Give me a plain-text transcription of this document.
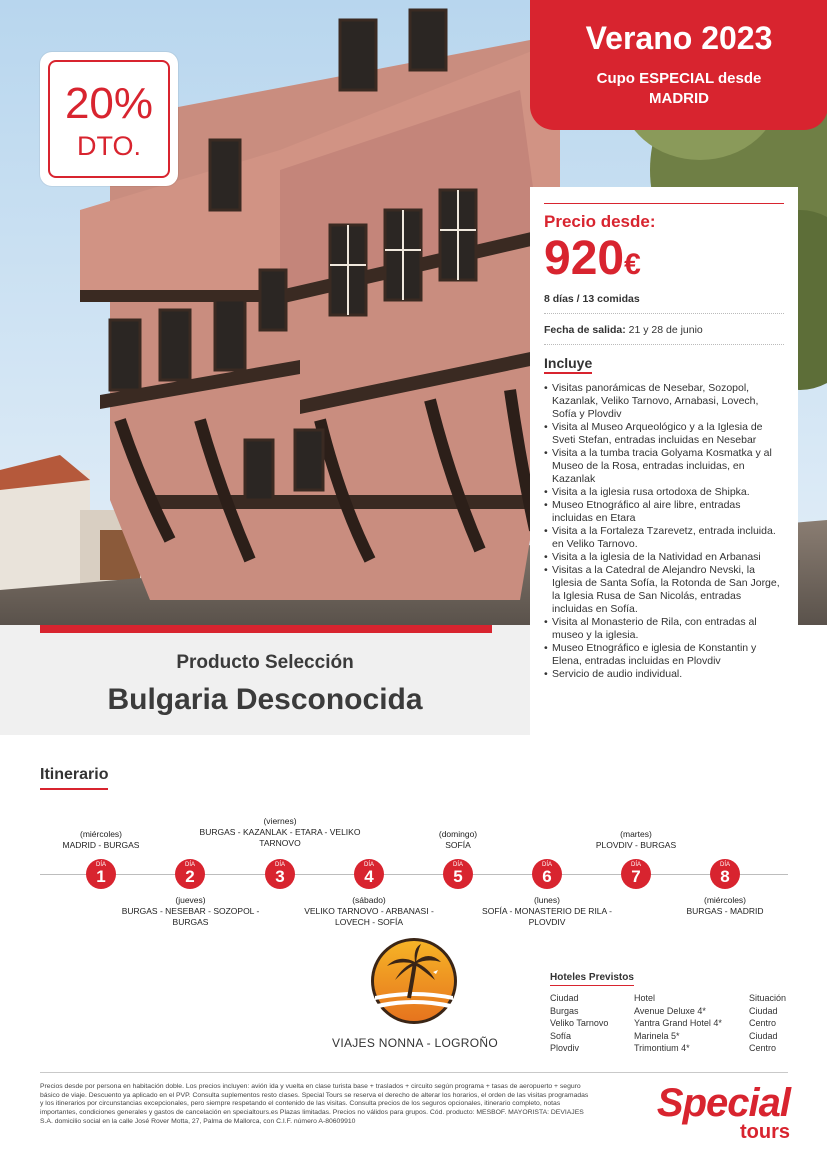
20%
DTO.
Verano 2023
Cupo ESPECIAL desde
MADRID
Precio desde:
920€
8 días / 13 comidas
Fecha de salida: 21 y 28 de junio
Incluye
• Visitas panorámicas de Nesebar, Sozopol, Kazanlak, Veliko Tarnovo, Arnabasi, Lovech, Sofía y Plovdiv
• Visita al Museo Arqueológico y a la Iglesia de Sveti Stefan, entradas incluidas en Nesebar
• Visita a la tumba tracia Golyama Kosmatka y al Museo de la Rosa, entradas incluidas, en Kazanlak
• Visita a la iglesia rusa ortodoxa de Shipka.
• Museo Etnográfico al aire libre, entradas incluidas en Etara
• Visita a la Fortaleza Tzarevetz, entrada incluida. en Veliko Tarnovo.
• Visita a la iglesia de la Natividad en Arbanasi
• Visitas a la Catedral de Alejandro Nevski, la Iglesia de Santa Sofía, la Rotonda de San Jorge, la Iglesia Rusa de San Nicolás, entradas incluidas en Sofía.
• Visita al Monasterio de Rila, con entradas al museo y la iglesia.
• Museo Etnográfico e iglesia de Konstantin y Elena, entradas incluidas en Plovdiv
• Servicio de audio individual.
Producto Selección
Bulgaria Desconocida
Itinerario
DÍA
1
DÍA
2
DÍA
3
DÍA
4
DÍA
5
DÍA
6
DÍA
7
DÍA
8
(miércoles)
MADRID - BURGAS
(viernes)
BURGAS - KAZANLAK - ETARA - VELIKO TARNOVO
(domingo)
SOFÍA
(martes)
PLOVDIV - BURGAS
(jueves)
BURGAS - NESEBAR - SOZOPOL - BURGAS
(sábado)
VELIKO TARNOVO - ARBANASI - LOVECH - SOFÍA
(lunes)
SOFÍA - MONASTERIO DE RILA - PLOVDIV
(miércoles)
BURGAS - MADRID
VIAJES NONNA - LOGROÑO
Hoteles Previstos
Ciudad	Hotel	Situación
Burgas	Avenue Deluxe 4*	Ciudad
Veliko Tarnovo	Yantra Grand Hotel 4*	Centro
Sofía	Marinela 5*	Ciudad
Plovdiv	Trimontium 4*	Centro
Precios desde por persona en habitación doble. Los precios incluyen: avión ida y vuelta en clase turista base + traslados + circuito según programa + tasas de aeropuerto + seguro básico de viaje. Descuento ya aplicado en el PVP. Consulta suplementos resto clases. Special Tours se reserva el derecho de alterar los horarios, el orden de las visitas programadas y los itinerarios por circunstancias excepcionales, pero siempre respetando el contenido de las visitas. Consulta precios de los seguros opcionales, itinerario completo, notas importantes, condiciones generales y gastos de cancelación en specialtours.es Plazas limitadas. Precios no válidos para grupos. Cód. producto: MESBOF. MAYORISTA: DEVIAJES S.A. domicilio social en la calle José Rover Motta, 27, Palma de Mallorca, con C.I.F. número A-80609910	Special
tours
